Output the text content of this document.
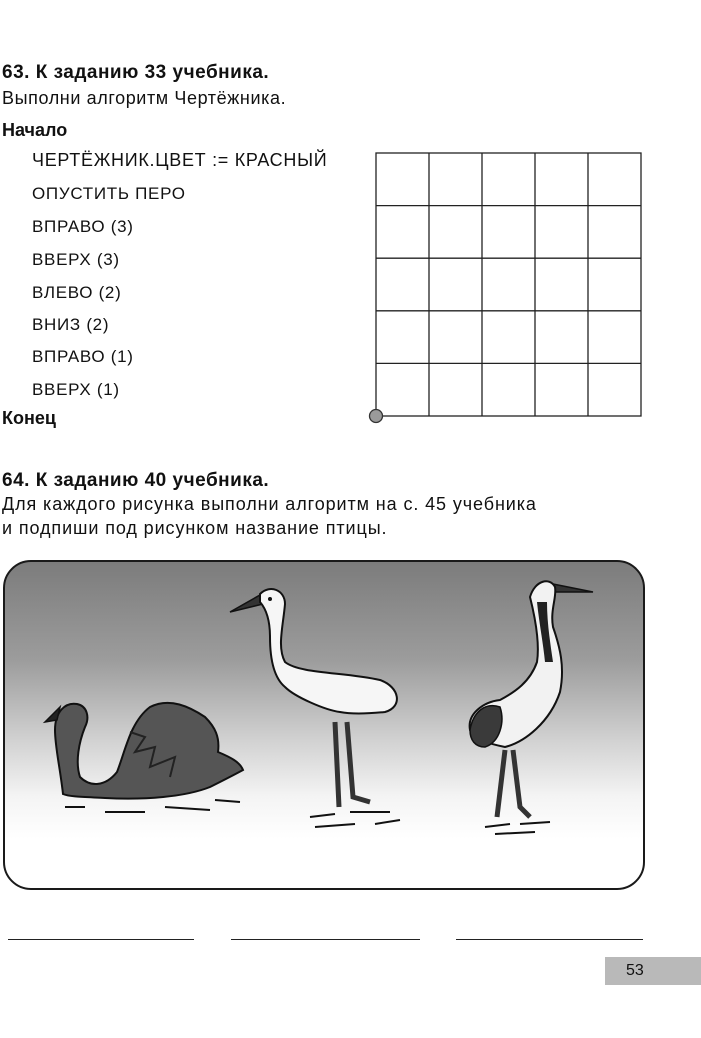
63. К заданию 33 учебника.
Выполни алгоритм Чертёжника.
Начало
ЧЕРТЁЖНИК.ЦВЕТ := КРАСНЫЙ
ОПУСТИТЬ ПЕРО
ВПРАВО (3)
ВВЕРХ (3)
ВЛЕВО (2)
ВНИЗ (2)
ВПРАВО (1)
ВВЕРХ (1)
Конец
64. К заданию 40 учебника.
Для каждого рисунка выполни алгоритм на с. 45 учебника
и подпиши под рисунком название птицы.
53
